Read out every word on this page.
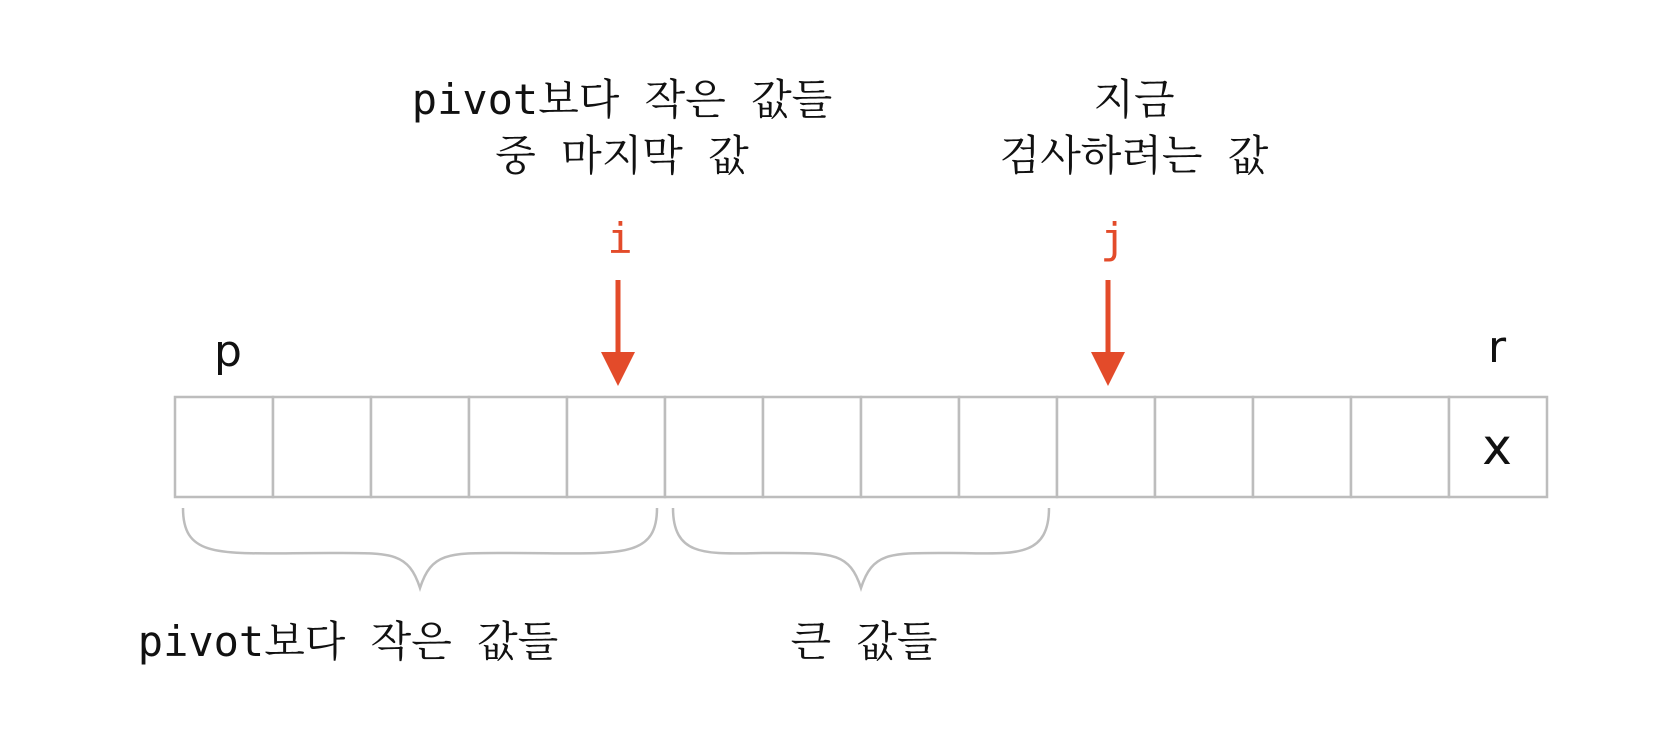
pivot보다 작은 값들
중 마지막 값
지금
검사하려는 값
i	j
p	r
x
pivot보다 작은 값들	큰 값들
